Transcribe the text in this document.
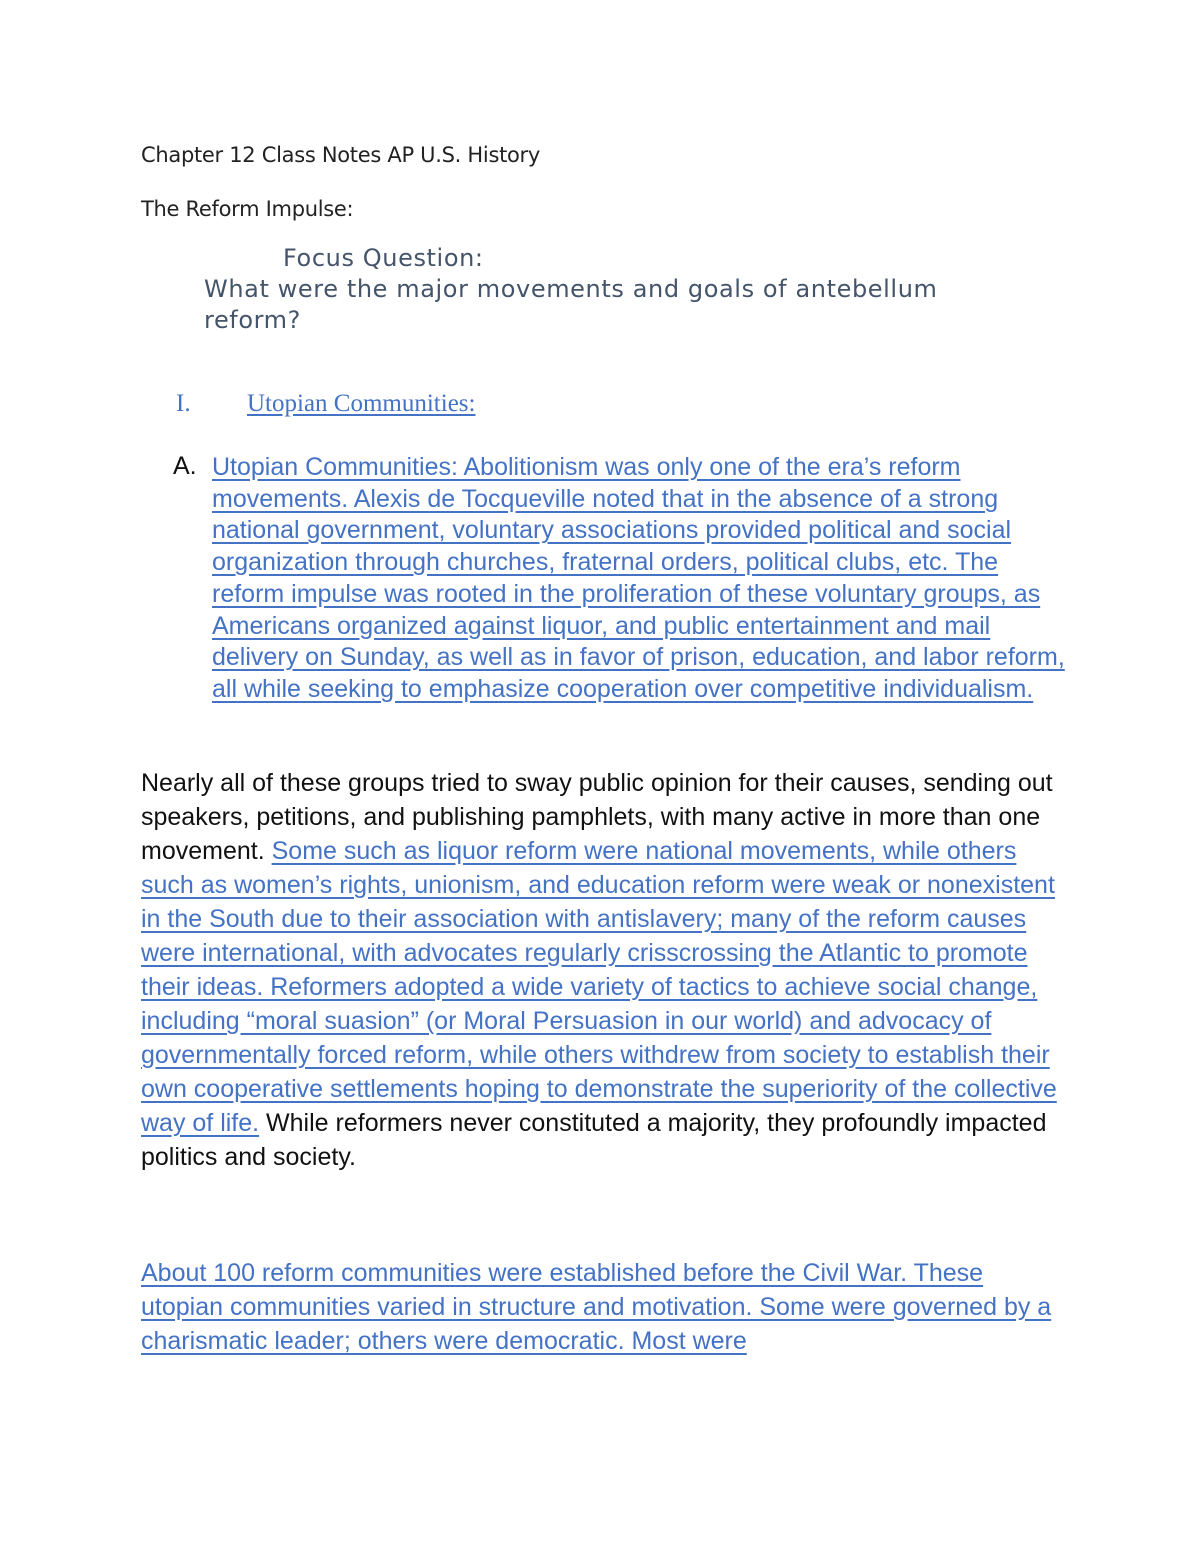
Chapter 12 Class Notes AP U.S. History
The Reform Impulse:
Focus Question:
What were the major movements and goals of antebellum reform?
I. Utopian Communities:
A. Utopian Communities: Abolitionism was only one of the era’s reform movements. Alexis de Tocqueville noted that in the absence of a strong national government, voluntary associations provided political and social organization through churches, fraternal orders, political clubs, etc. The reform impulse was rooted in the proliferation of these voluntary groups, as Americans organized against liquor, and public entertainment and mail delivery on Sunday, as well as in favor of prison, education, and labor reform, all while seeking to emphasize cooperation over competitive individualism.
Nearly all of these groups tried to sway public opinion for their causes, sending out speakers, petitions, and publishing pamphlets, with many active in more than one movement. Some such as liquor reform were national movements, while others such as women’s rights, unionism, and education reform were weak or nonexistent in the South due to their association with antislavery; many of the reform causes were international, with advocates regularly crisscrossing the Atlantic to promote their ideas. Reformers adopted a wide variety of tactics to achieve social change, including “moral suasion” (or Moral Persuasion in our world) and advocacy of governmentally forced reform, while others withdrew from society to establish their own cooperative settlements hoping to demonstrate the superiority of the collective way of life. While reformers never constituted a majority, they profoundly impacted politics and society.
About 100 reform communities were established before the Civil War. These utopian communities varied in structure and motivation. Some were governed by a charismatic leader; others were democratic. Most were
